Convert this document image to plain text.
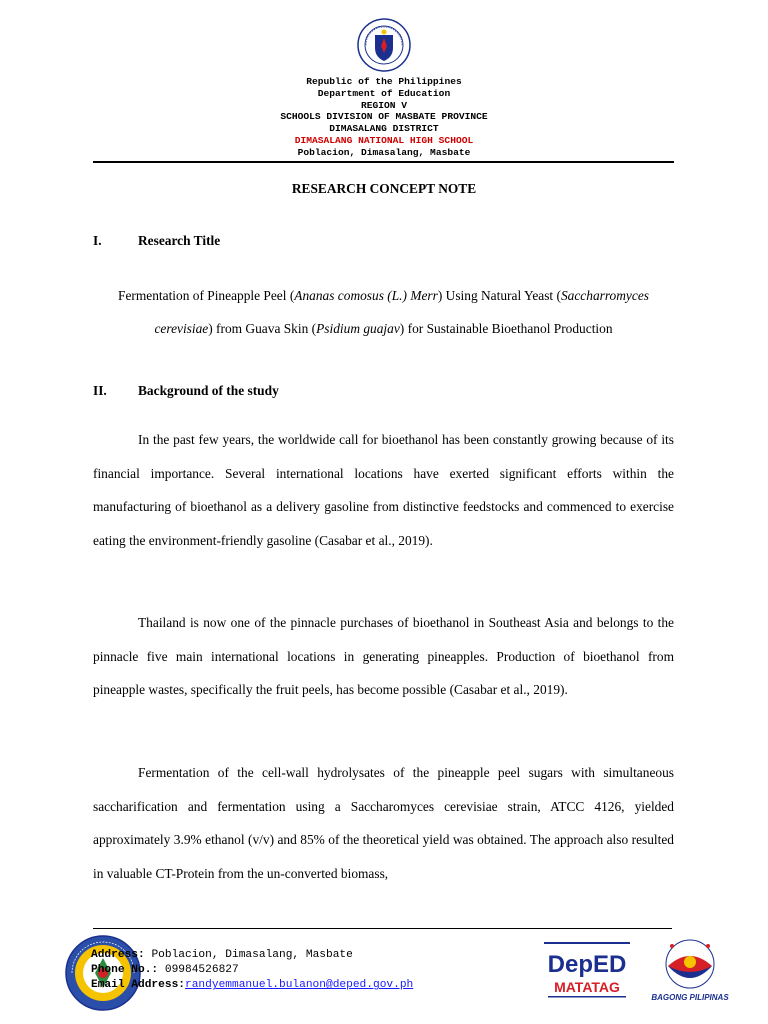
Republic of the Philippines
Department of Education
REGION V
SCHOOLS DIVISION OF MASBATE PROVINCE
DIMASALANG DISTRICT
DIMASALANG NATIONAL HIGH SCHOOL
Poblacion, Dimasalang, Masbate
RESEARCH CONCEPT NOTE
I.	Research Title
Fermentation of Pineapple Peel (Ananas comosus (L.) Merr) Using Natural Yeast (Saccharromyces cerevisiae) from Guava Skin (Psidium guajav) for Sustainable Bioethanol Production
II. Background of the study
In the past few years, the worldwide call for bioethanol has been constantly growing because of its financial importance. Several international locations have exerted significant efforts within the manufacturing of bioethanol as a delivery gasoline from distinctive feedstocks and commenced to exercise eating the environment-friendly gasoline (Casabar et al., 2019).
Thailand is now one of the pinnacle purchases of bioethanol in Southeast Asia and belongs to the pinnacle five main international locations in generating pineapples. Production of bioethanol from pineapple wastes, specifically the fruit peels, has become possible (Casabar et al., 2019).
Fermentation of the cell-wall hydrolysates of the pineapple peel sugars with simultaneous saccharification and fermentation using a Saccharomyces cerevisiae strain, ATCC 4126, yielded approximately 3.9% ethanol (v/v) and 85% of the theoretical yield was obtained. The approach also resulted in valuable CT-Protein from the un-converted biomass,
Address: Poblacion, Dimasalang, Masbate
Phone No.: 09984526827
Email Address:randyemmanuel.bulanon@deped.gov.ph
DepED
MATATAG
BAGONG PILIPINAS
